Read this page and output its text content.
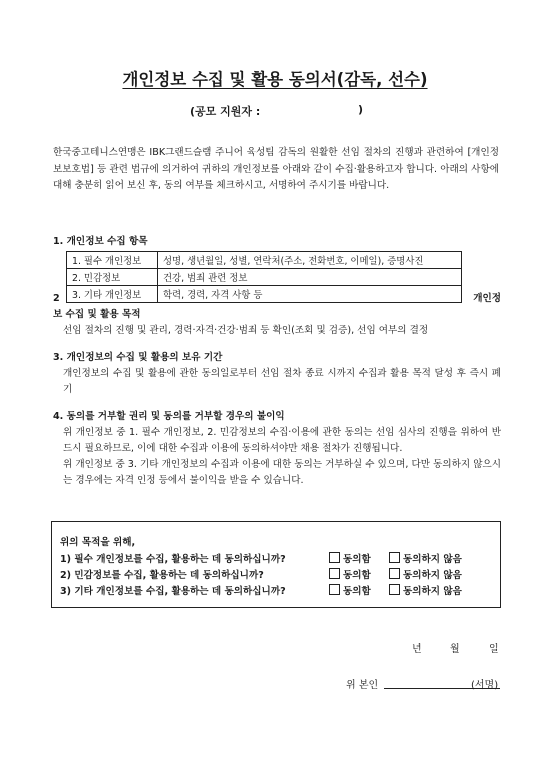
개인정보 수집 및 활용 동의서(감독, 선수)
(공모 지원자 :	)
한국중고테니스연맹은 IBK그랜드슬램 주니어 육성팀 감독의 원활한 선임 절차의 진행과 관련하여 [개인정보보호법] 등 관련 법규에 의거하여 귀하의 개인정보를 아래와 같이 수집·활용하고자 합니다. 아래의 사항에 대해 충분히 읽어 보신 후, 동의 여부를 체크하시고, 서명하여 주시기를 바랍니다.
1. 개인정보 수집 항목
2	개인정
보 수집 및 활용 목적
선임 절차의 진행 및 관리, 경력·자격·건강·범죄 등 확인(조회 및 검증), 선임 여부의 결정
1. 필수 개인정보	성명, 생년월일, 성별, 연락처(주소, 전화번호, 이메일), 증명사진
2. 민감정보	건강, 범죄 관련 정보
3. 기타 개인정보	학력, 경력, 자격 사항 등
3. 개인정보의 수집 및 활용의 보유 기간
개인정보의 수집 및 활용에 관한 동의일로부터 선임 절차 종료 시까지 수집과 활용 목적 달성 후 즉시 폐기
4. 동의를 거부할 권리 및 동의를 거부할 경우의 불이익
위 개인정보 중 1. 필수 개인정보, 2. 민감정보의 수집·이용에 관한 동의는 선임 심사의 진행을 위하여 반드시 필요하므로, 이에 대한 수집과 이용에 동의하셔야만 채용 절차가 진행됩니다.
위 개인정보 중 3. 기타 개인정보의 수집과 이용에 대한 동의는 거부하실 수 있으며, 다만 동의하지 않으시는 경우에는 자격 인정 등에서 불이익을 받을 수 있습니다.
위의 목적을 위해,
1) 필수 개인정보를 수집, 활용하는 데 동의하십니까?	동의함	동의하지 않음
2) 민감정보를 수집, 활용하는 데 동의하십니까?	동의함	동의하지 않음
3) 기타 개인정보를 수집, 활용하는 데 동의하십니까?	동의함	동의하지 않음
년	월	일
위 본인	(서명)
